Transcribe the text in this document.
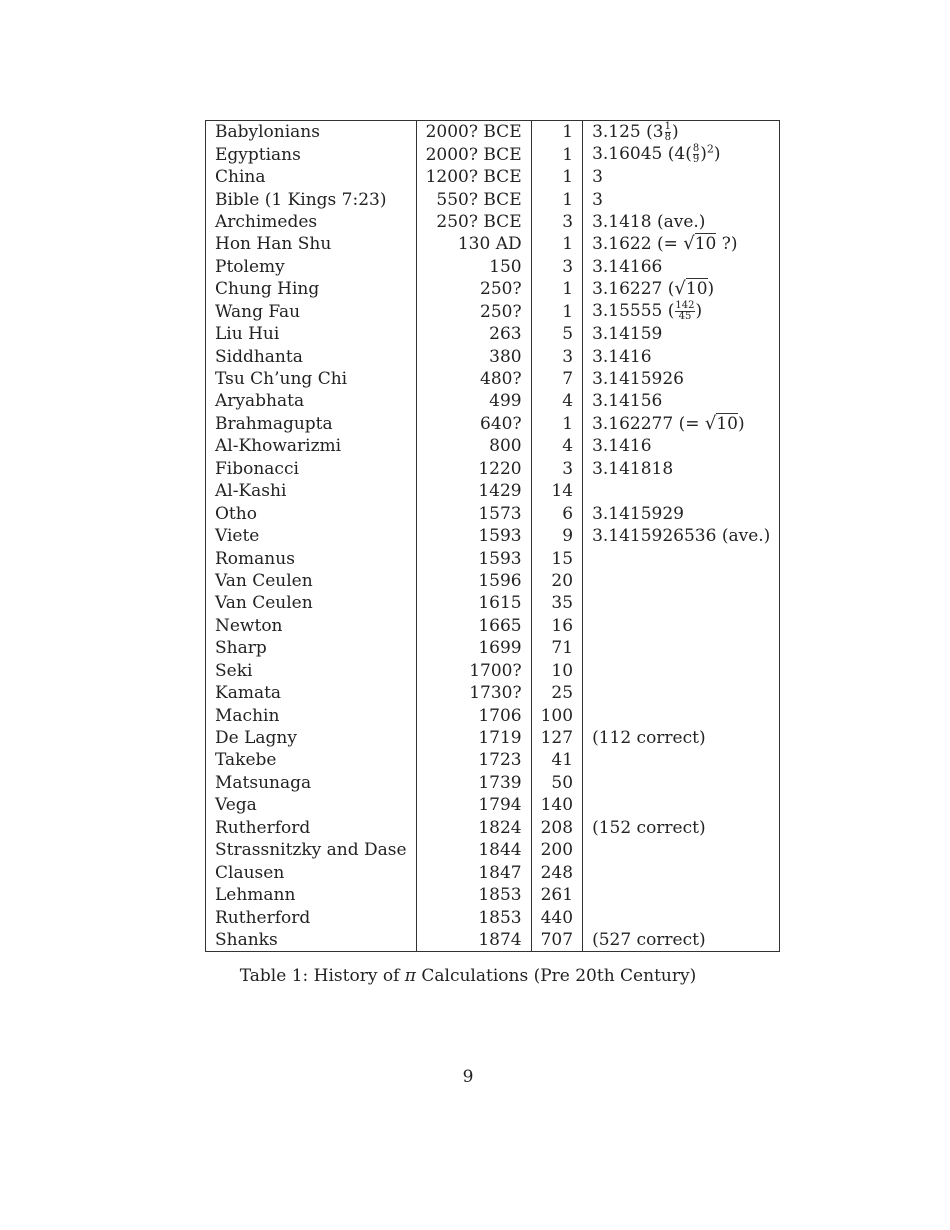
Babylonians	2000? BCE	1	3.125 ($3 \frac{1}{8}$ )
Egyptians	2000? BCE	1	3.16045 $(4( \frac{8}{9} )^2)$
China	1200? BCE	1	3
Bible (1 Kings 7:23)	550? BCE	1	3
Archimedes	250? BCE	3	3.1418 (ave.)
Hon Han Shu	130 AD	1	3.1622 (= √10 ?)
Ptolemy	150	3	3.14166
Chung Hing	250?	1	3.16227 (√10)
Wang Fau	250?	1	3.15555 ( $\frac{142}{45}$ )
Liu Hui	263	5	3.14159
Siddhanta	380	3	3.1416
Tsu Ch’ung Chi	480?	7	3.1415926
Aryabhata	499	4	3.14156
Brahmagupta	640?	1	3.162277 (= √10)
Al-Khowarizmi	800	4	3.1416
Fibonacci	1220	3	3.141818
Al-Kashi	1429	14	
Otho	1573	6	3.1415929
Viete	1593	9	3.1415926536 (ave.)
Romanus	1593	15	
Van Ceulen	1596	20	
Van Ceulen	1615	35	
Newton	1665	16	
Sharp	1699	71	
Seki	1700?	10	
Kamata	1730?	25	
Machin	1706	100	
De Lagny	1719	127	(112 correct)
Takebe	1723	41	
Matsunaga	1739	50	
Vega	1794	140	
Rutherford	1824	208	(152 correct)
Strassnitzky and Dase	1844	200	
Clausen	1847	248	
Lehmann	1853	261	
Rutherford	1853	440	
Shanks	1874	707	(527 correct)
Table 1: History of π Calculations (Pre 20th Century)
9
